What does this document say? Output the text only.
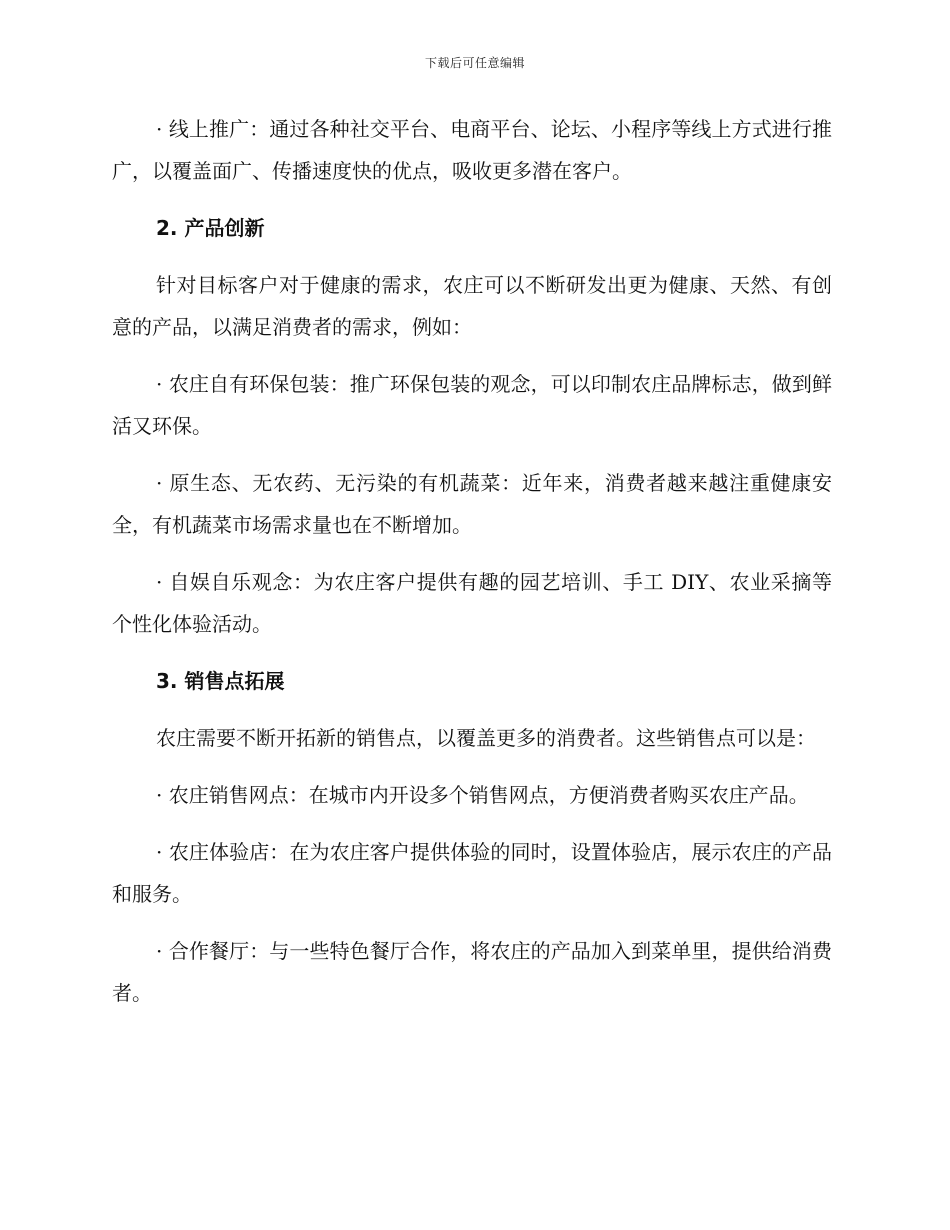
下载后可任意编辑

· 线上推广：通过各种社交平台、电商平台、论坛、小程序等线上方式进行推广，以覆盖面广、传播速度快的优点，吸收更多潜在客户。

2. 产品创新

针对目标客户对于健康的需求，农庄可以不断研发出更为健康、天然、有创意的产品，以满足消费者的需求，例如：

· 农庄自有环保包装：推广环保包装的观念，可以印制农庄品牌标志，做到鲜活又环保。

· 原生态、无农药、无污染的有机蔬菜：近年来，消费者越来越注重健康安全，有机蔬菜市场需求量也在不断增加。

· 自娱自乐观念：为农庄客户提供有趣的园艺培训、手工 DIY、农业采摘等个性化体验活动。

3. 销售点拓展

农庄需要不断开拓新的销售点，以覆盖更多的消费者。这些销售点可以是：

· 农庄销售网点：在城市内开设多个销售网点，方便消费者购买农庄产品。

· 农庄体验店：在为农庄客户提供体验的同时，设置体验店，展示农庄的产品和服务。

· 合作餐厅：与一些特色餐厅合作，将农庄的产品加入到菜单里，提供给消费者。
